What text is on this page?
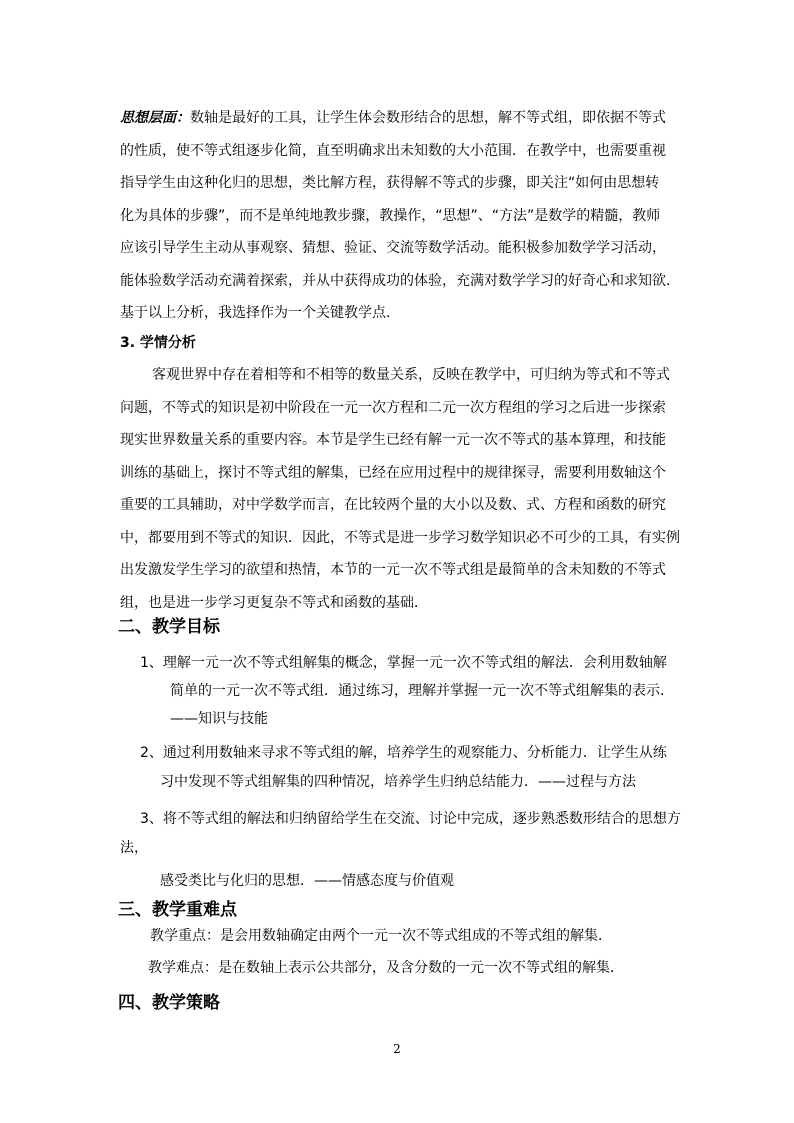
思想层面：数轴是最好的工具，让学生体会数形结合的思想，解不等式组，即依据不等式
的性质，使不等式组逐步化简，直至明确求出未知数的大小范围．在教学中，也需要重视
指导学生由这种化归的思想，类比解方程，获得解不等式的步骤，即关注“如何由思想转
化为具体的步骤”，而不是单纯地教步骤，教操作，“思想”、“方法”是数学的精髓，教师
应该引导学生主动从事观察、猜想、验证、交流等数学活动。能积极参加数学学习活动，
能体验数学活动充满着探索，并从中获得成功的体验，充满对数学学习的好奇心和求知欲．
基于以上分析，我选择作为一个关键教学点．

3. 学情分析

客观世界中存在着相等和不相等的数量关系，反映在教学中，可归纳为等式和不等式
问题，不等式的知识是初中阶段在一元一次方程和二元一次方程组的学习之后进一步探索
现实世界数量关系的重要内容。本节是学生已经有解一元一次不等式的基本算理，和技能
训练的基础上，探讨不等式组的解集，已经在应用过程中的规律探寻，需要利用数轴这个
重要的工具辅助，对中学数学而言，在比较两个量的大小以及数、式、方程和函数的研究
中，都要用到不等式的知识．因此，不等式是进一步学习数学知识必不可少的工具，有实例
出发激发学生学习的欲望和热情，本节的一元一次不等式组是最简单的含未知数的不等式
组，也是进一步学习更复杂不等式和函数的基础．

二、教学目标

1、理解一元一次不等式组解集的概念，掌握一元一次不等式组的解法．会利用数轴解

简单的一元一次不等式组．通过练习，理解并掌握一元一次不等式组解集的表示．

——知识与技能

2、通过利用数轴来寻求不等式组的解，培养学生的观察能力、分析能力．让学生从练

习中发现不等式组解集的四种情况，培养学生归纳总结能力．——过程与方法

3、将不等式组的解法和归纳留给学生在交流、讨论中完成，逐步熟悉数形结合的思想方

法，

感受类比与化归的思想．——情感态度与价值观

三、教学重难点

教学重点：是会用数轴确定由两个一元一次不等式组成的不等式组的解集．

教学难点：是在数轴上表示公共部分，及含分数的一元一次不等式组的解集．

四、教学策略

2
